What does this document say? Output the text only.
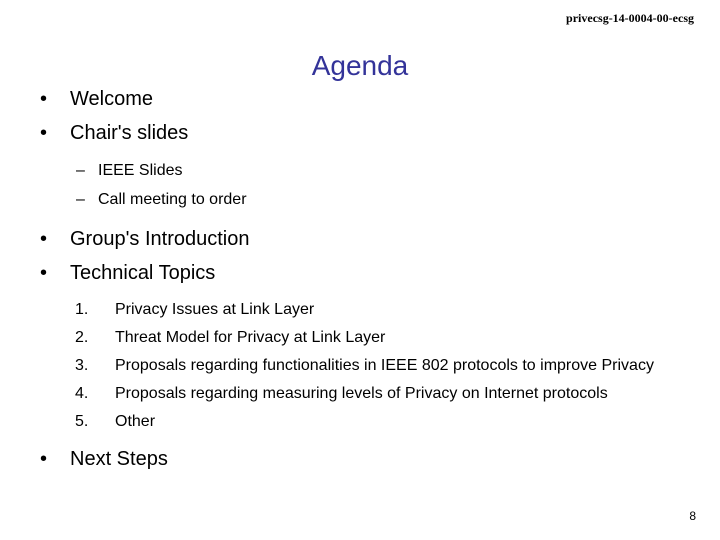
privecsg-14-0004-00-ecsg
Agenda
•	Welcome
•	Chair's slides
– IEEE Slides
– Call meeting to order
•	Group's Introduction
•	Technical Topics
1. Privacy Issues at Link Layer
2. Threat Model for Privacy at Link Layer
3. Proposals regarding functionalities in IEEE 802 protocols to improve Privacy
4. Proposals regarding measuring levels of Privacy on Internet protocols
5. Other
•	Next Steps
8
